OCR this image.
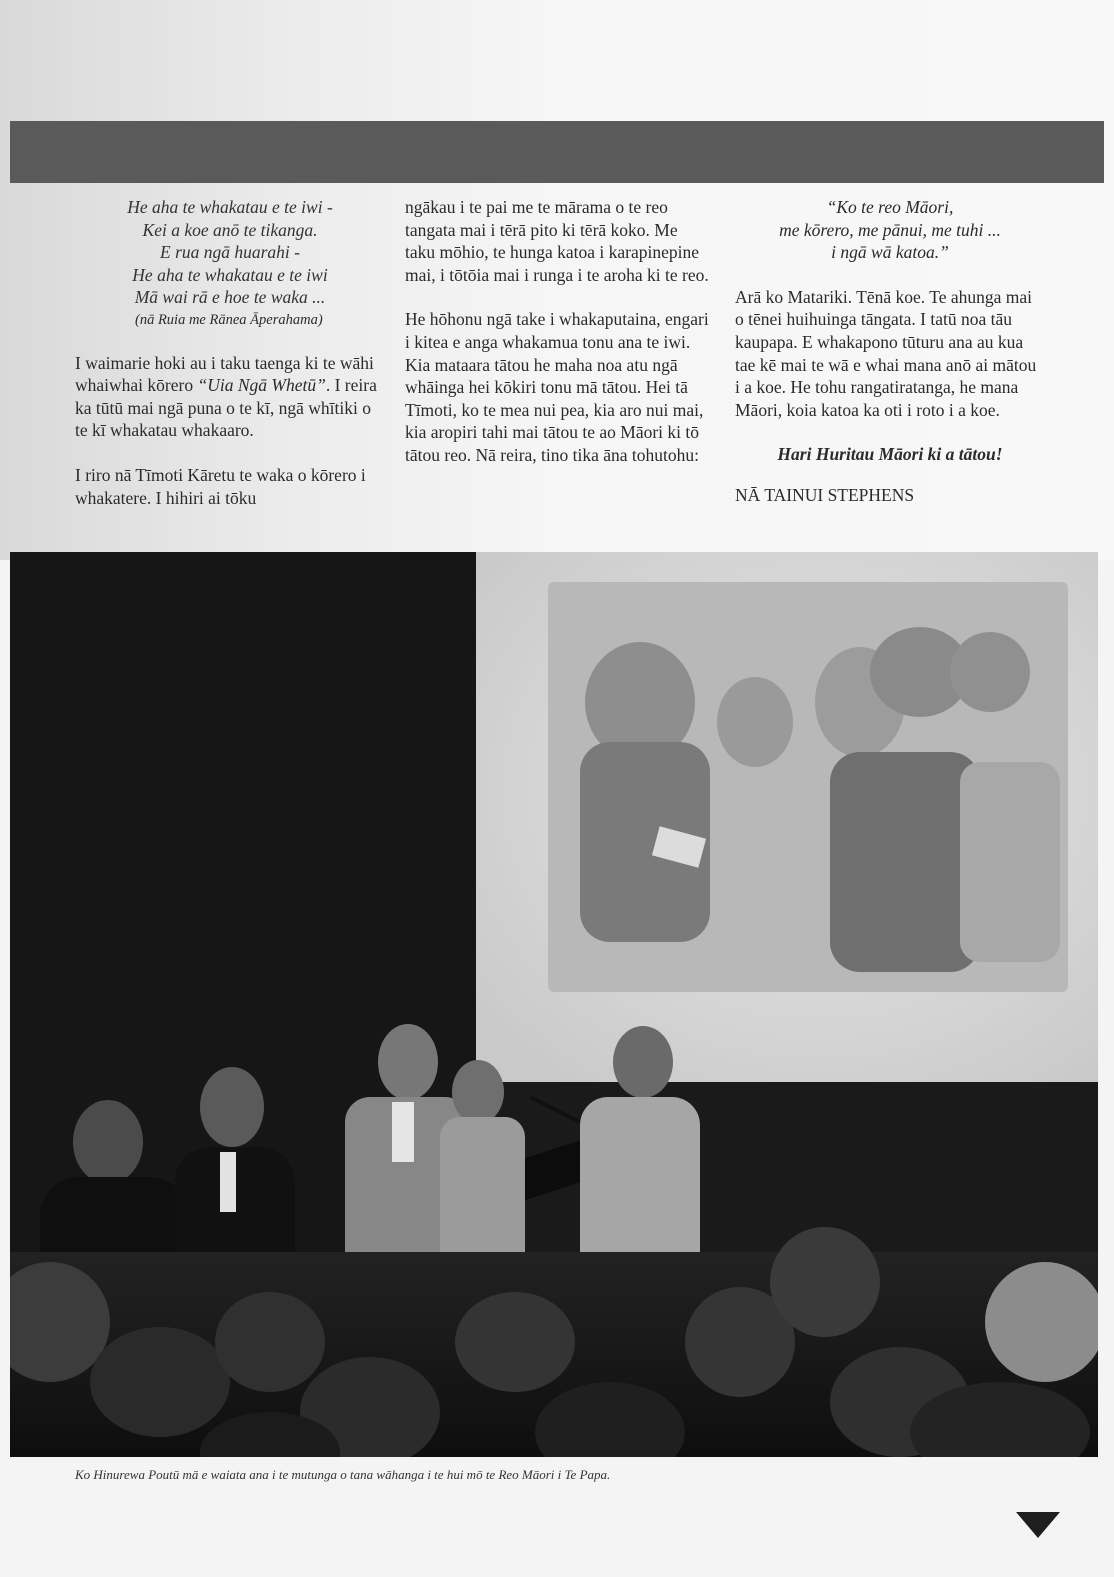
He aha te whakatau e te iwi -
Kei a koe anō te tikanga.
E rua ngā huarahi -
He aha te whakatau e te iwi
Mā wai rā e hoe te waka ...
(nā Ruia me Rānea Āperahama)

I waimarie hoki au i taku taenga ki te wāhi whaiwhai kōrero “Uia Ngā Whetū”. I reira ka tūtū mai ngā puna o te kī, ngā whītiki o te kī whakatau whakaaro.

I riro nā Tīmoti Kāretu te waka o kōrero i whakatere. I hihiri ai tōku

ngākau i te pai me te mārama o te reo tangata mai i tērā pito ki tērā koko. Me taku mōhio, te hunga katoa i karapinepine mai, i tōtōia mai i runga i te aroha ki te reo.

He hōhonu ngā take i whakaputaina, engari i kitea e anga whakamua tonu ana te iwi. Kia mataara tātou he maha noa atu ngā whāinga hei kōkiri tonu mā tātou. Hei tā Tīmoti, ko te mea nui pea, kia aro nui mai, kia aropiri tahi mai tātou te ao Māori ki tō tātou reo. Nā reira, tino tika āna tohutohu:

“Ko te reo Māori,
me kōrero, me pānui, me tuhi ...
i ngā wā katoa.”

Arā ko Matariki. Tēnā koe. Te ahunga mai o tēnei huihuinga tāngata. I tatū noa tāu kaupapa. E whakapono tūturu ana au kua tae kē mai te wā e whai mana anō ai mātou i a koe. He tohu rangatiratanga, he mana Māori, koia katoa ka oti i roto i a koe.

Hari Huritau Māori ki a tātou!

NĀ TAINUI STEPHENS

Ko Hinurewa Poutū mā e waiata ana i te mutunga o tana wāhanga i te hui mō te Reo Māori i Te Papa.
